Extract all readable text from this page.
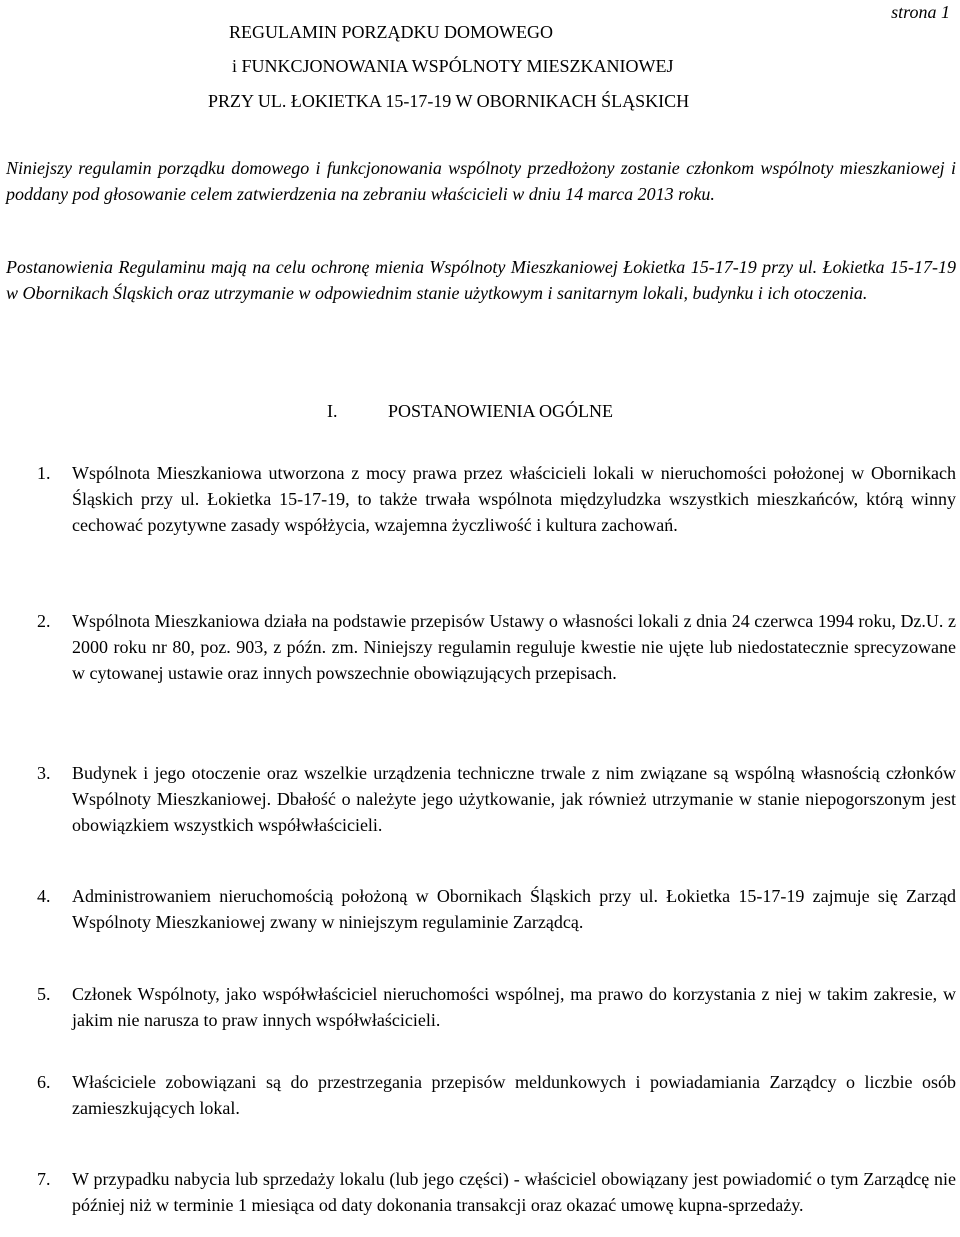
strona 1
REGULAMIN PORZĄDKU DOMOWEGO
i FUNKCJONOWANIA WSPÓLNOTY MIESZKANIOWEJ
PRZY UL. ŁOKIETKA 15-17-19 W OBORNIKACH ŚLĄSKICH
Niniejszy regulamin porządku domowego i funkcjonowania wspólnoty przedłożony zostanie członkom wspólnoty mieszkaniowej i poddany pod głosowanie celem zatwierdzenia na zebraniu właścicieli w dniu 14 marca 2013 roku.
Postanowienia Regulaminu mają na celu ochronę mienia Wspólnoty Mieszkaniowej Łokietka 15-17-19 przy ul. Łokietka 15-17-19 w Obornikach Śląskich oraz utrzymanie w odpowiednim stanie użytkowym i sanitarnym lokali, budynku i ich otoczenia.
I.	POSTANOWIENIA OGÓLNE
1.	Wspólnota Mieszkaniowa utworzona z mocy prawa przez właścicieli lokali w nieruchomości położonej w Obornikach Śląskich przy ul. Łokietka 15-17-19, to także trwała wspólnota międzyludzka wszystkich mieszkańców, którą winny cechować pozytywne zasady współżycia, wzajemna życzliwość i kultura zachowań.
2.	Wspólnota Mieszkaniowa działa na podstawie przepisów Ustawy o własności lokali z dnia 24 czerwca 1994 roku, Dz.U. z 2000 roku nr 80, poz. 903, z późn. zm. Niniejszy regulamin reguluje kwestie nie ujęte lub niedostatecznie sprecyzowane w cytowanej ustawie oraz innych powszechnie obowiązujących przepisach.
3.	Budynek i jego otoczenie oraz wszelkie urządzenia techniczne trwale z nim związane są wspólną własnością członków Wspólnoty Mieszkaniowej. Dbałość o należyte jego użytkowanie, jak również utrzymanie w stanie niepogorszonym jest obowiązkiem wszystkich współwłaścicieli.
4.	Administrowaniem nieruchomością położoną w Obornikach Śląskich przy ul. Łokietka 15-17-19 zajmuje się Zarząd Wspólnoty Mieszkaniowej zwany w niniejszym regulaminie Zarządcą.
5.	Członek Wspólnoty, jako współwłaściciel nieruchomości wspólnej, ma prawo do korzystania z niej w takim zakresie, w jakim nie narusza to praw innych współwłaścicieli.
6.	Właściciele zobowiązani są do przestrzegania przepisów meldunkowych i powiadamiania Zarządcy o liczbie osób zamieszkujących lokal.
7.	W przypadku nabycia lub sprzedaży lokalu (lub jego części) - właściciel obowiązany jest powiadomić o tym Zarządcę nie później niż w terminie 1 miesiąca od daty dokonania transakcji oraz okazać umowę kupna-sprzedaży.
